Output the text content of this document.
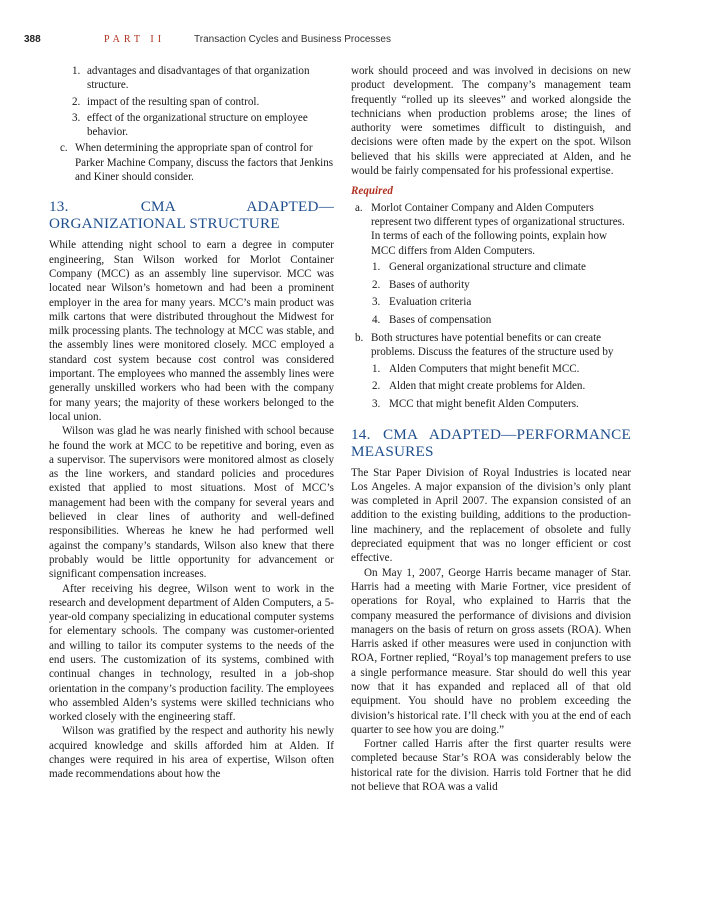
388	PART II	Transaction Cycles and Business Processes
1. advantages and disadvantages of that organization structure.
2. impact of the resulting span of control.
3. effect of the organizational structure on employee behavior.
c. When determining the appropriate span of control for Parker Machine Company, discuss the factors that Jenkins and Kiner should consider.
13. CMA ADAPTED—ORGANIZATIONAL STRUCTURE

While attending night school to earn a degree in computer engineering, Stan Wilson worked for Morlot Container Company (MCC) as an assembly line supervisor. MCC was located near Wilson’s hometown and had been a prominent employer in the area for many years. MCC’s main product was milk cartons that were distributed throughout the Midwest for milk processing plants. The technology at MCC was stable, and the assembly lines were monitored closely. MCC employed a standard cost system because cost control was considered important. The employees who manned the assembly lines were generally unskilled workers who had been with the company for many years; the majority of these workers belonged to the local union.

Wilson was glad he was nearly finished with school because he found the work at MCC to be repetitive and boring, even as a supervisor. The supervisors were monitored almost as closely as the line workers, and standard policies and procedures existed that applied to most situations. Most of MCC’s management had been with the company for several years and believed in clear lines of authority and well-defined responsibilities. Whereas he knew he had performed well against the company’s standards, Wilson also knew that there probably would be little opportunity for advancement or significant compensation increases.

After receiving his degree, Wilson went to work in the research and development department of Alden Computers, a 5-year-old company specializing in educational computer systems for elementary schools. The company was customer-oriented and willing to tailor its computer systems to the needs of the end users. The customization of its systems, combined with continual changes in technology, resulted in a job-shop orientation in the company’s production facility. The employees who assembled Alden’s systems were skilled technicians who worked closely with the engineering staff.

Wilson was gratified by the respect and authority his newly acquired knowledge and skills afforded him at Alden. If changes were required in his area of expertise, Wilson often made recommendations about how the

work should proceed and was involved in decisions on new product development. The company’s management team frequently “rolled up its sleeves” and worked alongside the technicians when production problems arose; the lines of authority were sometimes difficult to distinguish, and decisions were often made by the expert on the spot. Wilson believed that his skills were appreciated at Alden, and he would be fairly compensated for his professional expertise.

Required
a. Morlot Container Company and Alden Computers represent two different types of organizational structures. In terms of each of the following points, explain how MCC differs from Alden Computers.
1. General organizational structure and climate
2. Bases of authority
3. Evaluation criteria
4. Bases of compensation
b. Both structures have potential benefits or can create problems. Discuss the features of the structure used by
1. Alden Computers that might benefit MCC.
2. Alden that might create problems for Alden.
3. MCC that might benefit Alden Computers.
14. CMA ADAPTED—PERFORMANCE MEASURES

The Star Paper Division of Royal Industries is located near Los Angeles. A major expansion of the division’s only plant was completed in April 2007. The expansion consisted of an addition to the existing building, additions to the production-line machinery, and the replacement of obsolete and fully depreciated equipment that was no longer efficient or cost effective.

On May 1, 2007, George Harris became manager of Star. Harris had a meeting with Marie Fortner, vice president of operations for Royal, who explained to Harris that the company measured the performance of divisions and division managers on the basis of return on gross assets (ROA). When Harris asked if other measures were used in conjunction with ROA, Fortner replied, “Royal’s top management prefers to use a single performance measure. Star should do well this year now that it has expanded and replaced all of that old equipment. You should have no problem exceeding the division’s historical rate. I’ll check with you at the end of each quarter to see how you are doing.”

Fortner called Harris after the first quarter results were completed because Star’s ROA was considerably below the historical rate for the division. Harris told Fortner that he did not believe that ROA was a valid
